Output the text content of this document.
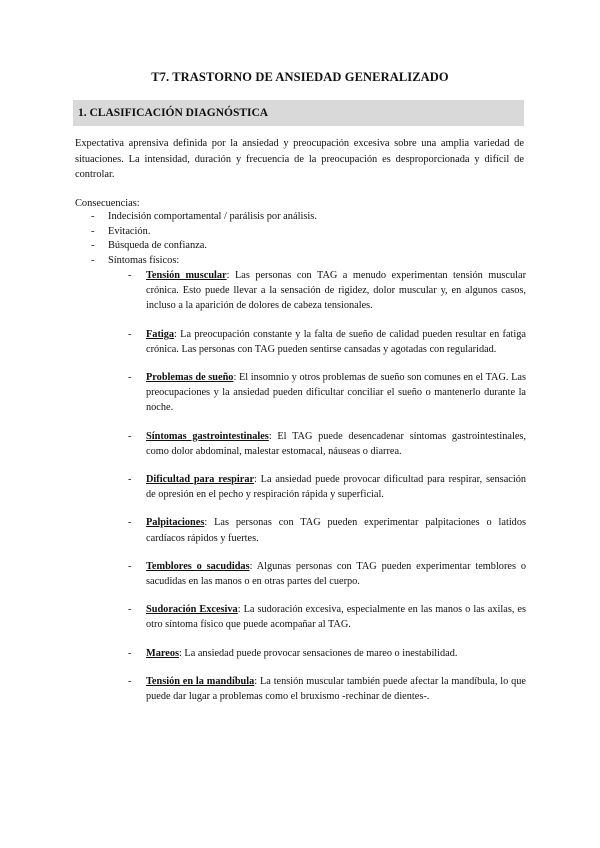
T7. TRASTORNO DE ANSIEDAD GENERALIZADO
1. CLASIFICACIÓN DIAGNÓSTICA

Expectativa aprensiva definida por la ansiedad y preocupación excesiva sobre una amplia variedad de situaciones. La intensidad, duración y frecuencia de la preocupación es desproporcionada y difícil de controlar.

Consecuencias:
- Indecisión comportamental / parálisis por análisis.
- Evitación.
- Búsqueda de confianza.
- Síntomas físicos:
- Tensión muscular: Las personas con TAG a menudo experimentan tensión muscular crónica. Esto puede llevar a la sensación de rigidez, dolor muscular y, en algunos casos, incluso a la aparición de dolores de cabeza tensionales.
- Fatiga: La preocupación constante y la falta de sueño de calidad pueden resultar en fatiga crónica. Las personas con TAG pueden sentirse cansadas y agotadas con regularidad.
- Problemas de sueño: El insomnio y otros problemas de sueño son comunes en el TAG. Las preocupaciones y la ansiedad pueden dificultar conciliar el sueño o mantenerlo durante la noche.
- Síntomas gastrointestinales: El TAG puede desencadenar síntomas gastrointestinales, como dolor abdominal, malestar estomacal, náuseas o diarrea.
- Dificultad para respirar: La ansiedad puede provocar dificultad para respirar, sensación de opresión en el pecho y respiración rápida y superficial.
- Palpitaciones: Las personas con TAG pueden experimentar palpitaciones o latidos cardíacos rápidos y fuertes.
- Temblores o sacudidas: Algunas personas con TAG pueden experimentar temblores o sacudidas en las manos o en otras partes del cuerpo.
- Sudoración Excesiva: La sudoración excesiva, especialmente en las manos o las axilas, es otro síntoma físico que puede acompañar al TAG.
- Mareos: La ansiedad puede provocar sensaciones de mareo o inestabilidad.
- Tensión en la mandíbula: La tensión muscular también puede afectar la mandíbula, lo que puede dar lugar a problemas como el bruxismo -rechinar de dientes-.
